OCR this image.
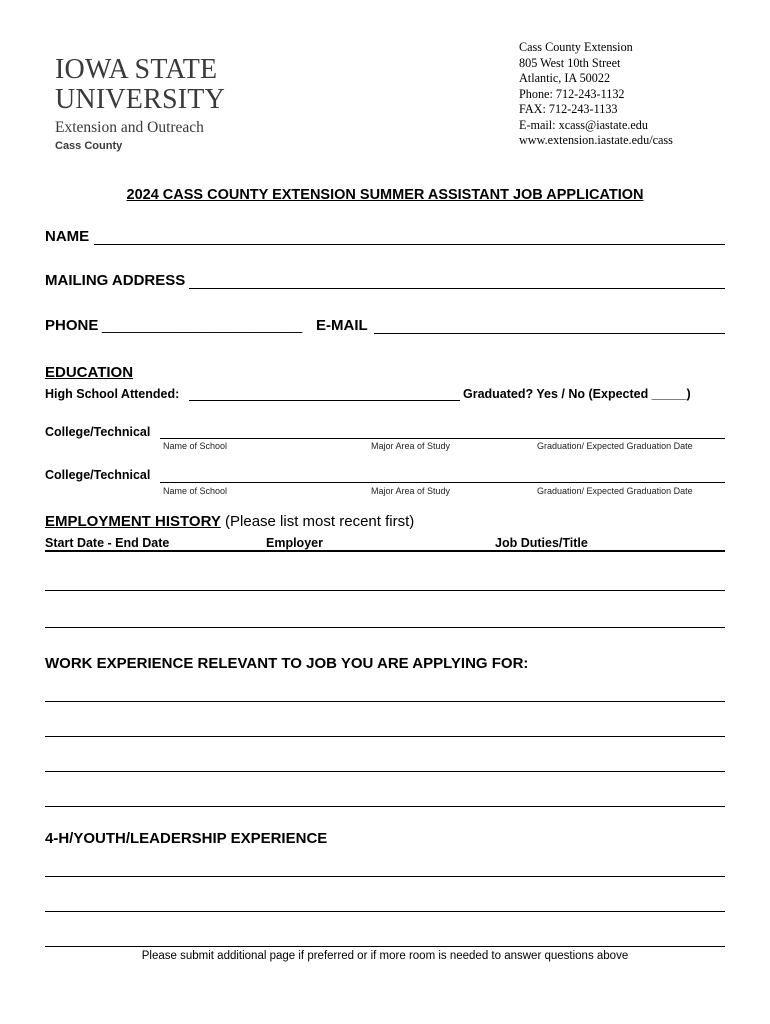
IOWA STATE
UNIVERSITY
Extension and Outreach
Cass County
Cass County Extension
805 West 10th Street
Atlantic, IA 50022
Phone: 712-243-1132
FAX: 712-243-1133
E-mail: xcass@iastate.edu
www.extension.iastate.edu/cass
2024 CASS COUNTY EXTENSION SUMMER ASSISTANT JOB APPLICATION
NAME
MAILING ADDRESS
PHONE ________________________ E-MAIL
EDUCATION
High School Attended:	Graduated? Yes / No (Expected _____)
College/Technical
Name of School	Major Area of Study	Graduation/ Expected Graduation Date
College/Technical
Name of School	Major Area of Study	Graduation/ Expected Graduation Date
EMPLOYMENT HISTORY (Please list most recent first)
Start Date - End Date	Employer	Job Duties/Title
WORK EXPERIENCE RELEVANT TO JOB YOU ARE APPLYING FOR:
4-H/YOUTH/LEADERSHIP EXPERIENCE
Please submit additional page if preferred or if more room is needed to answer questions above
